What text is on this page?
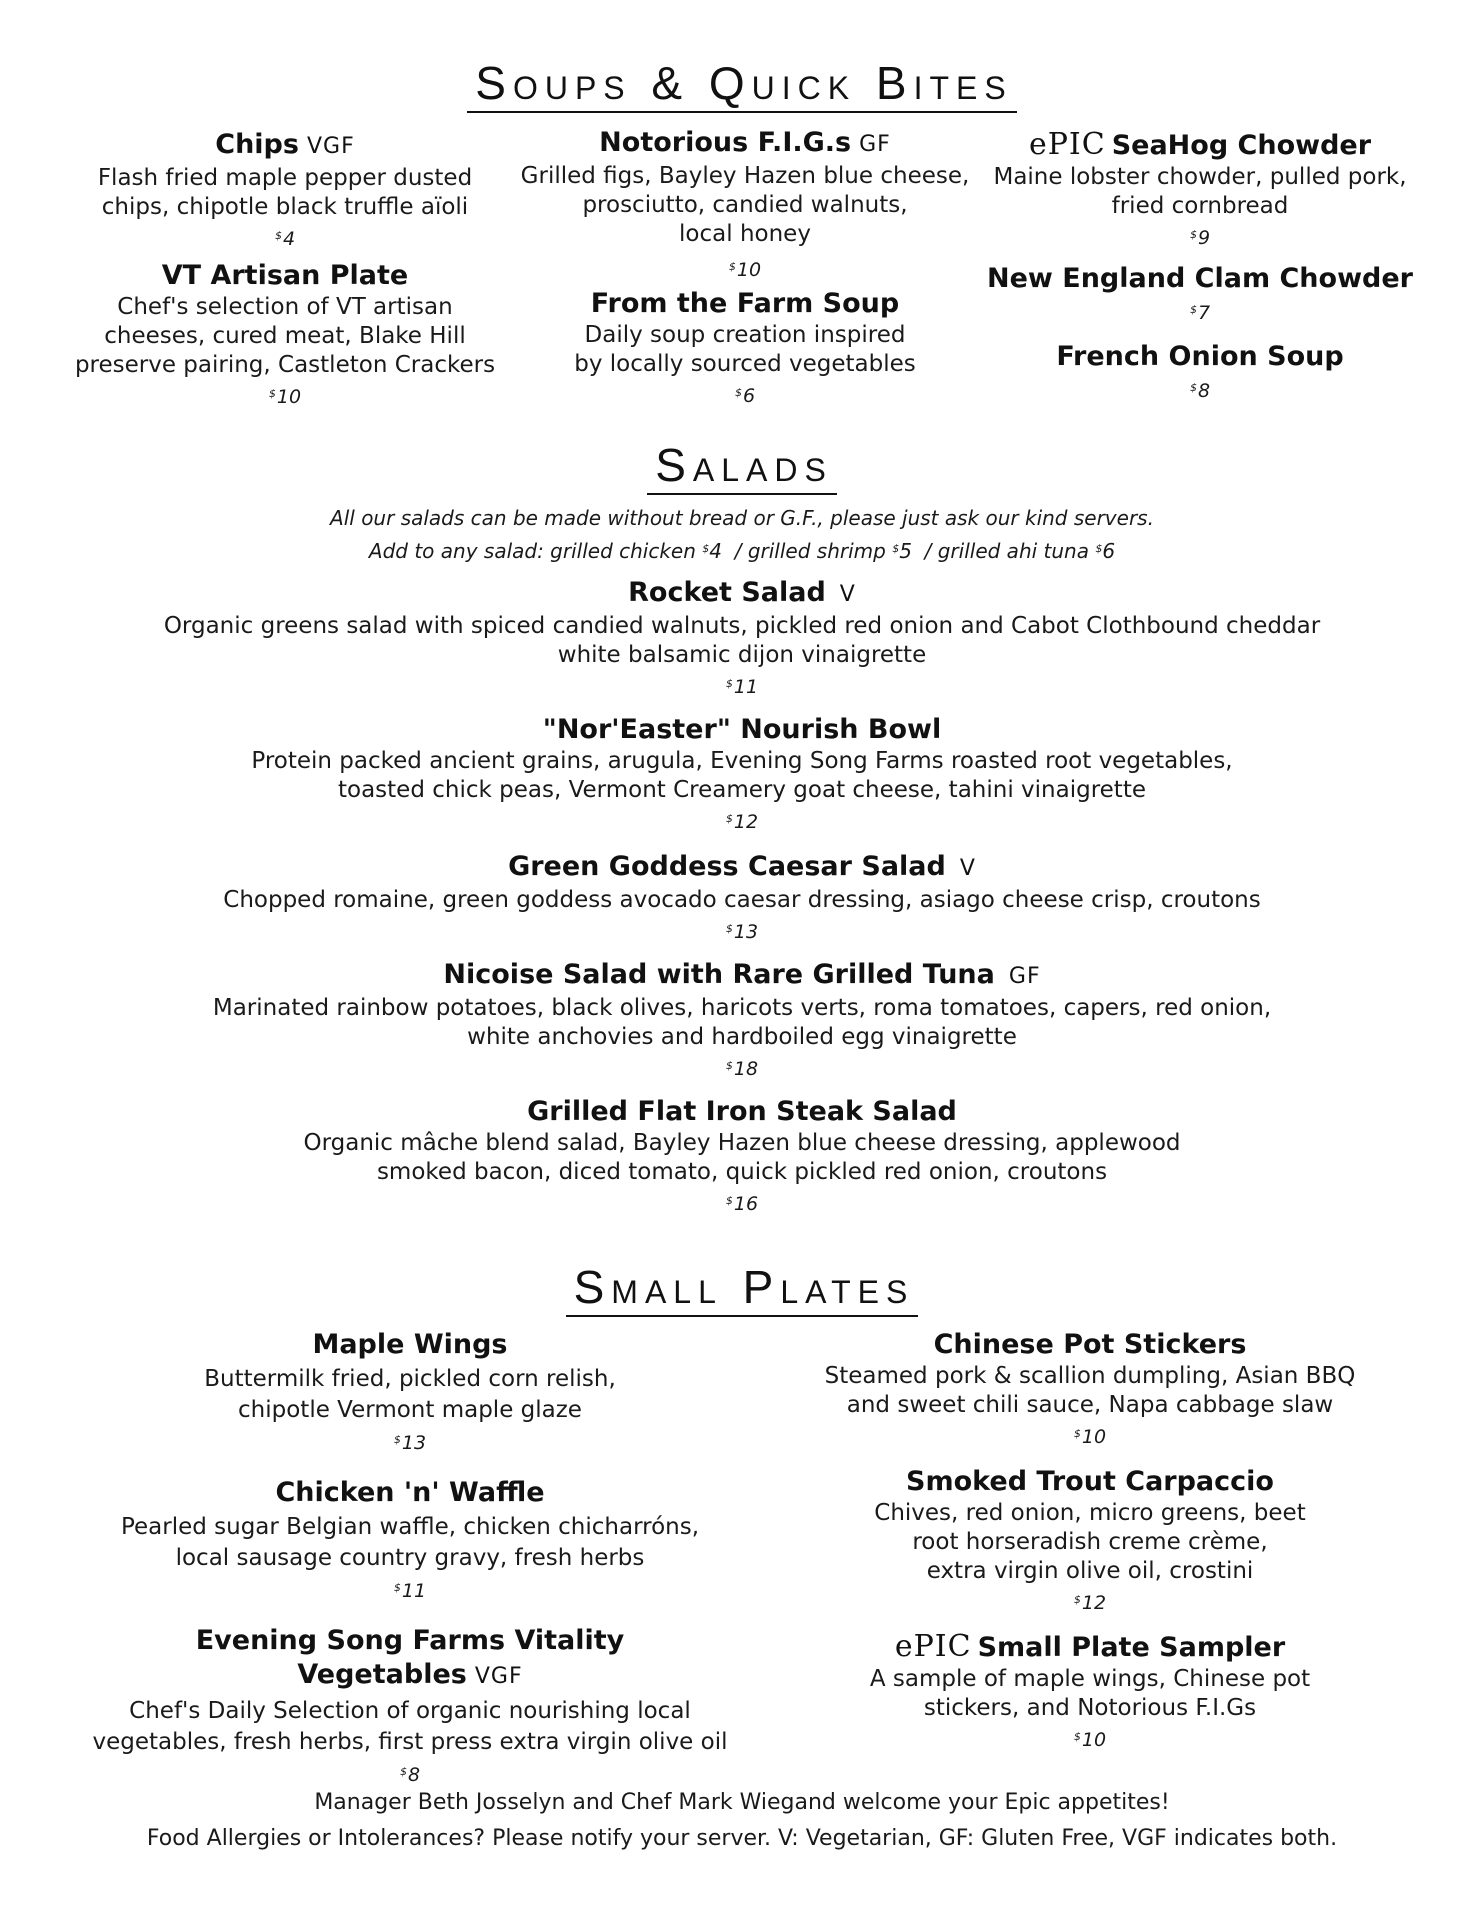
Soups & Quick Bites
Chips VGF
Flash fried maple pepper dusted
chips, chipotle black truffle aïoli
$4
VT Artisan Plate
Chef's selection of VT artisan
cheeses, cured meat, Blake Hill
preserve pairing, Castleton Crackers
$10
Notorious F.I.G.s GF
Grilled figs, Bayley Hazen blue cheese,
prosciutto, candied walnuts,
local honey
$10
From the Farm Soup
Daily soup creation inspired
by locally sourced vegetables
$6
ePIC SeaHog Chowder
Maine lobster chowder, pulled pork,
fried cornbread
$9
New England Clam Chowder
$7
French Onion Soup
$8
Salads
All our salads can be made without bread or G.F., please just ask our kind servers.
Add to any salad: grilled chicken $4 / grilled shrimp $5 / grilled ahi tuna $6
Rocket Salad V
Organic greens salad with spiced candied walnuts, pickled red onion and Cabot Clothbound cheddar
white balsamic dijon vinaigrette
$11
"Nor'Easter" Nourish Bowl
Protein packed ancient grains, arugula, Evening Song Farms roasted root vegetables,
toasted chick peas, Vermont Creamery goat cheese, tahini vinaigrette
$12
Green Goddess Caesar Salad V
Chopped romaine, green goddess avocado caesar dressing, asiago cheese crisp, croutons
$13
Nicoise Salad with Rare Grilled Tuna GF
Marinated rainbow potatoes, black olives, haricots verts, roma tomatoes, capers, red onion,
white anchovies and hardboiled egg vinaigrette
$18
Grilled Flat Iron Steak Salad
Organic mâche blend salad, Bayley Hazen blue cheese dressing, applewood
smoked bacon, diced tomato, quick pickled red onion, croutons
$16
Small Plates
Maple Wings
Buttermilk fried, pickled corn relish,
chipotle Vermont maple glaze
$13
Chicken 'n' Waffle
Pearled sugar Belgian waffle, chicken chicharróns,
local sausage country gravy, fresh herbs
$11
Evening Song Farms Vitality Vegetables VGF
Chef's Daily Selection of organic nourishing local
vegetables, fresh herbs, first press extra virgin olive oil
$8
Chinese Pot Stickers
Steamed pork & scallion dumpling, Asian BBQ
and sweet chili sauce, Napa cabbage slaw
$10
Smoked Trout Carpaccio
Chives, red onion, micro greens, beet
root horseradish creme crème,
extra virgin olive oil, crostini
$12
ePIC Small Plate Sampler
A sample of maple wings, Chinese pot
stickers, and Notorious F.I.Gs
$10
Manager Beth Josselyn and Chef Mark Wiegand welcome your Epic appetites!
Food Allergies or Intolerances? Please notify your server. V: Vegetarian, GF: Gluten Free, VGF indicates both.
